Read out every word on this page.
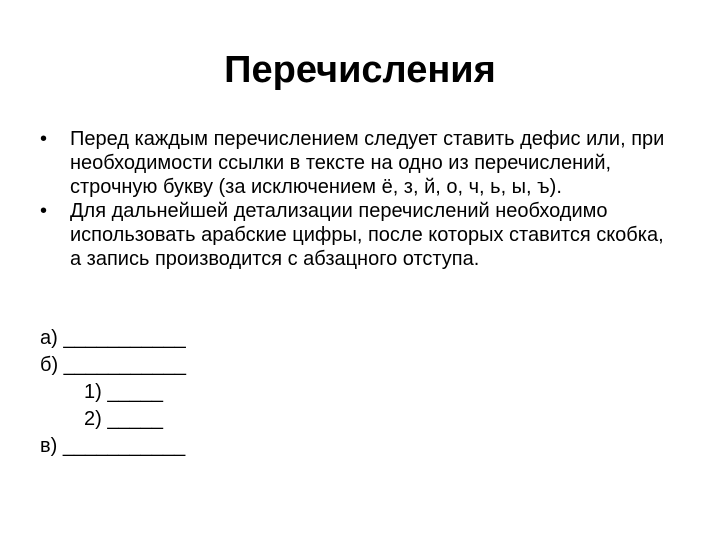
Перечисления
•	Перед каждым перечислением следует ставить дефис или, при необходимости ссылки в тексте на одно из перечислений, строчную букву (за исключением ё, з, й, о, ч, ь, ы, ъ).
•	Для дальнейшей детализации перечислений необходимо использовать арабские цифры, после которых ставится скобка, а запись производится с абзацного отступа.
а) ___________
б) ___________
1) _____
2) _____
в) ___________
